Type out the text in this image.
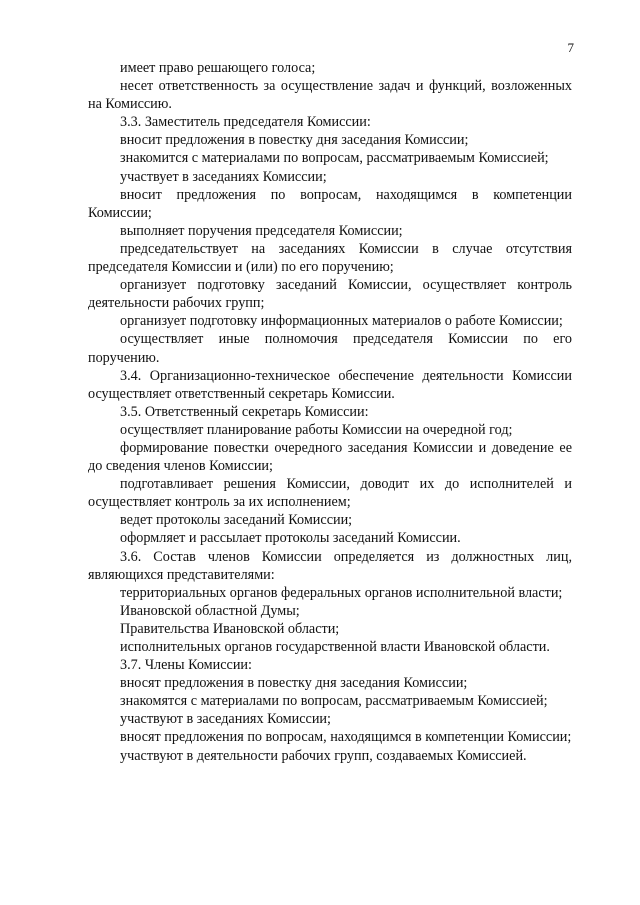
7

имеет право решающего голоса;

несет ответственность за осуществление задач и функций, возложенных на Комиссию.

3.3. Заместитель председателя Комиссии:

вносит предложения в повестку дня заседания Комиссии;

знакомится с материалами по вопросам, рассматриваемым Комиссией;

участвует в заседаниях Комиссии;

вносит предложения по вопросам, находящимся в компетенции Комиссии;

выполняет поручения председателя Комиссии;

председательствует на заседаниях Комиссии в случае отсутствия председателя Комиссии и (или) по его поручению;

организует подготовку заседаний Комиссии, осуществляет контроль деятельности рабочих групп;

организует подготовку информационных материалов о работе Комиссии;

осуществляет иные полномочия председателя Комиссии по его поручению.

3.4. Организационно-техническое обеспечение деятельности Комиссии осуществляет ответственный секретарь Комиссии.

3.5. Ответственный секретарь Комиссии:

осуществляет планирование работы Комиссии на очередной год;

формирование повестки очередного заседания Комиссии и доведение ее до сведения членов Комиссии;

подготавливает решения Комиссии, доводит их до исполнителей и осуществляет контроль за их исполнением;

ведет протоколы заседаний Комиссии;

оформляет и рассылает протоколы заседаний Комиссии.

3.6. Состав членов Комиссии определяется из должностных лиц, являющихся представителями:

территориальных органов федеральных органов исполнительной власти;

Ивановской областной Думы;

Правительства Ивановской области;

исполнительных органов государственной власти Ивановской области.

3.7. Члены Комиссии:

вносят предложения в повестку дня заседания Комиссии;

знакомятся с материалами по вопросам, рассматриваемым Комиссией;

участвуют в заседаниях Комиссии;

вносят предложения по вопросам, находящимся в компетенции Комиссии;

участвуют в деятельности рабочих групп, создаваемых Комиссией.
